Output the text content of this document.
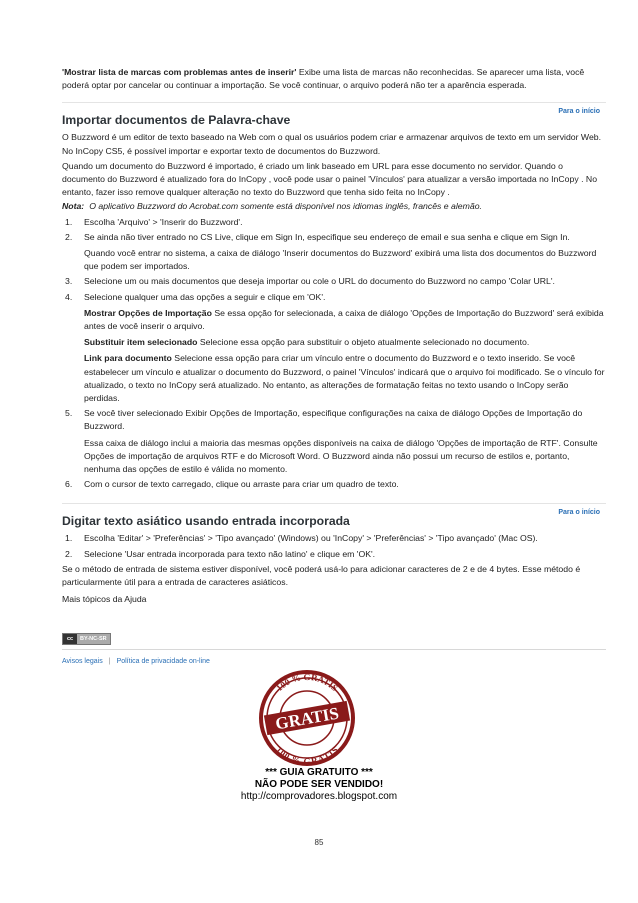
'Mostrar lista de marcas com problemas antes de inserir' Exibe uma lista de marcas não reconhecidas. Se aparecer uma lista, você poderá optar por cancelar ou continuar a importação. Se você continuar, o arquivo poderá não ter a aparência esperada.

Importar documentos de Palavra-chave
Para o início

O Buzzword é um editor de texto baseado na Web com o qual os usuários podem criar e armazenar arquivos de texto em um servidor Web. No InCopy CS5, é possível importar e exportar texto de documentos do Buzzword.

Quando um documento do Buzzword é importado, é criado um link baseado em URL para esse documento no servidor. Quando o documento do Buzzword é atualizado fora do InCopy , você pode usar o painel 'Vínculos' para atualizar a versão importada no InCopy . No entanto, fazer isso remove qualquer alteração no texto do Buzzword que tenha sido feita no InCopy .

Nota: O aplicativo Buzzword do Acrobat.com somente está disponível nos idiomas inglês, francês e alemão.

1. Escolha 'Arquivo' > 'Inserir do Buzzword'.
2. Se ainda não tiver entrado no CS Live, clique em Sign In, especifique seu endereço de email e sua senha e clique em Sign In.

Quando você entrar no sistema, a caixa de diálogo 'Inserir documentos do Buzzword' exibirá uma lista dos documentos do Buzzword que podem ser importados.

3. Selecione um ou mais documentos que deseja importar ou cole o URL do documento do Buzzword no campo 'Colar URL'.
4. Selecione qualquer uma das opções a seguir e clique em 'OK'.

Mostrar Opções de Importação Se essa opção for selecionada, a caixa de diálogo 'Opções de Importação do Buzzword' será exibida antes de você inserir o arquivo.

Substituir item selecionado Selecione essa opção para substituir o objeto atualmente selecionado no documento.

Link para documento Selecione essa opção para criar um vínculo entre o documento do Buzzword e o texto inserido. Se você estabelecer um vínculo e atualizar o documento do Buzzword, o painel 'Vínculos' indicará que o arquivo foi modificado. Se o vínculo for atualizado, o texto no InCopy será atualizado. No entanto, as alterações de formatação feitas no texto usando o InCopy serão perdidas.

5. Se você tiver selecionado Exibir Opções de Importação, especifique configurações na caixa de diálogo Opções de Importação do Buzzword.

Essa caixa de diálogo inclui a maioria das mesmas opções disponíveis na caixa de diálogo 'Opções de importação de RTF'. Consulte Opções de importação de arquivos RTF e do Microsoft Word. O Buzzword ainda não possui um recurso de estilos e, portanto, nenhuma das opções de estilo é válida no momento.

6. Com o cursor de texto carregado, clique ou arraste para criar um quadro de texto.
Digitar texto asiático usando entrada incorporada
Para o início
1. Escolha 'Editar' > 'Preferências' > 'Tipo avançado' (Windows) ou 'InCopy' > 'Preferências' > 'Tipo avançado' (Mac OS).
2. Selecione 'Usar entrada incorporada para texto não latino' e clique em 'OK'.

Se o método de entrada de sistema estiver disponível, você poderá usá-lo para adicionar caracteres de 2 e de 4 bytes. Esse método é particularmente útil para a entrada de caracteres asiáticos.

Mais tópicos da Ajuda

cc	BY-NC-SR
Avisos legais | Política de privacidade on-line
100 % GRATIS
100 % GRATIS
GRATIS
*** GUIA GRATUITO ***
NÃO PODE SER VENDIDO!
http://comprovadores.blogspot.com
85
